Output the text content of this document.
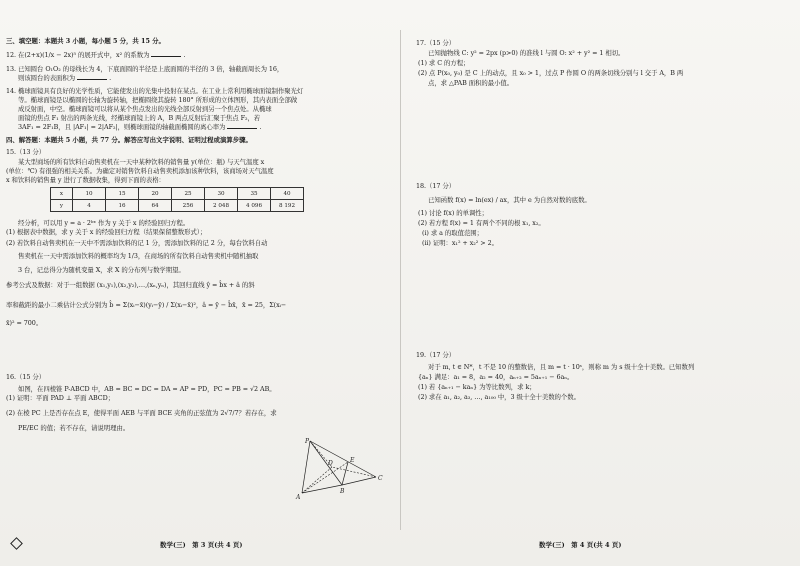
三、填空题：本题共 3 小题，每小题 5 分，共 15 分。
12. 在(2+x)(1/x − 2x)⁵ 的展开式中，x² 的系数为	.
13. 已知圆台 O₁O₂ 的母线长为 4，下底面圆的半径是上底面圆的半径的 3 倍，轴截面周长为 16，
则该圆台的表面积为	.
14. 椭球面镜具有良好的光学性质，它能使发出的光集中投射在某点。在工业上常利用椭球面镜制作聚光灯
等。椭球面镜是以椭圆的长轴为旋转轴，把椭圆绕其旋转 180° 所形成的立体图形，其内表面全部做
成反射面，中空。椭球面镜可以将从某个焦点发出的光线全部反射到另一个焦点处。从椭球
面镜的焦点 F₁ 射出的两条光线，经椭球面镜上的 A，B 两点反射后汇聚于焦点 F₂，若
3AF₁ = 2F₁B，且 |AF₁| = 2|AF₂|，则椭球面镜的轴截面椭圆的离心率为	.
四、解答题：本题共 5 小题，共 77 分。解答应写出文字说明、证明过程或演算步骤。
15.（13 分）
某大型商场的所有饮料自动售卖机在一天中某种饮料的销售量 y(单位：瓶) 与天气温度 x
(单位：℃) 有很强的相关关系。为确定对销售饮料自动售卖机添加该种饮料，该商场对天气温度
x 和饮料的销售量 y 进行了数据收集，得到下面的表格：
x	10	15	20	25	30	35	40
y	4	16	64	256	2 048	4 096	8 192
经分析，可以用 y = a · 2ᵇˣ 作为 y 关于 x 的经验回归方程。
(1) 根据表中数据，求 y 关于 x 的经验回归方程（结果保留整数形式）；
(2) 若饮料自动售卖机在一天中不需添加饮料的记 1 分，需添加饮料的记 2 分，每台饮料自动
售卖机在一天中需添加饮料的概率均为 1/3，在商场的所有饮料自动售卖机中随机抽取
3 台，记总得分为随机变量 X，求 X 的分布列与数学期望。
参考公式及数据：对于一组数据 (x₁,y₁),(x₂,y₂),…,(xₙ,yₙ)，其回归直线 ŷ = b̂x + â 的斜
率和截距的最小二乘估计公式分别为 b̂ = Σ(xᵢ−x̄)(yᵢ−ȳ) / Σ(xᵢ−x̄)²，â = ȳ − b̂x̄，x̄ = 25，Σ(xᵢ−
x̄)² = 700。
16.（15 分）
如图，在四棱锥 P-ABCD 中，AB = BC = DC = DA = AP = PD，PC = PB = √2 AB。
(1) 证明：平面 PAD ⊥ 平面 ABCD；
(2) 在棱 PC 上是否存在点 E，使得平面 AEB 与平面 BCE 夹角的正弦值为 2√7/7？若存在，求
PE/EC 的值；若不存在，请说明理由。
P
A
B
C
D	E
数学(三)　第 3 页(共 4 页)
17.（15 分）
已知抛物线 C: y² = 2px (p>0) 的准线 l 与圆 O: x² + y² = 1 相切。
(1) 求 C 的方程；
(2) 点 P(x₀, y₀) 是 C 上的动点，且 x₀ > 1，过点 P 作圆 O 的两条切线分别与 l 交于 A，B 两
点，求 △PAB 面积的最小值。
18.（17 分）
已知函数 f(x) = ln(ex) / ax，其中 e 为自然对数的底数。
(1) 讨论 f(x) 的单调性；
(2) 若方程 f(x) = 1 有两个不同的根 x₁, x₂。
(i) 求 a 的取值范围；
(ii) 证明：x₁² + x₂² > 2。
19.（17 分）
对于 m, t ∈ N*，t 不是 10 的整数倍，且 m = t · 10ˢ，则称 m 为 s 级十全十美数。已知数列
{aₙ} 满足：a₁ = 8，a₂ = 40，aₙ₊₂ = 5aₙ₊₁ − 6aₙ。
(1) 若 {aₙ₊₁ − kaₙ} 为等比数列，求 k；
(2) 求在 a₁, a₂, a₃, …, a₁₀₀ 中，3 级十全十美数的个数。
数学(三)　第 4 页(共 4 页)
